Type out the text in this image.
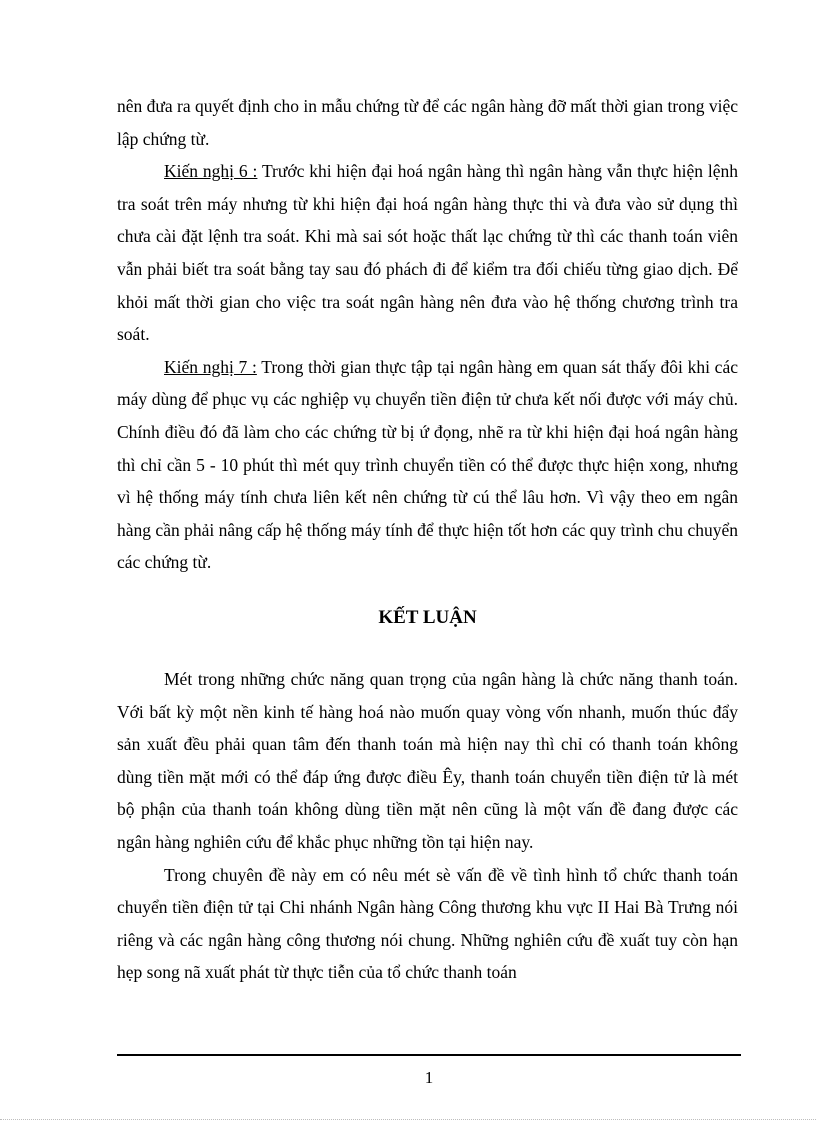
nên đưa ra quyết định cho in mẫu chứng từ để các ngân hàng đỡ mất thời gian trong việc lập chứng từ.

Kiến nghị 6 : Trước khi hiện đại hoá ngân hàng thì ngân hàng vẫn thực hiện lệnh tra soát trên máy nhưng từ khi hiện đại hoá ngân hàng thực thi và đưa vào sử dụng thì chưa cài đặt lệnh tra soát. Khi mà sai sót hoặc thất lạc chứng từ thì các thanh toán viên vẫn phải biết tra soát bằng tay sau đó phách đi để kiểm tra đối chiếu từng giao dịch. Để khỏi mất thời gian cho việc tra soát ngân hàng nên đưa vào hệ thống chương trình tra soát.

Kiến nghị 7 : Trong thời gian thực tập tại ngân hàng em quan sát thấy đôi khi các máy dùng để phục vụ các nghiệp vụ chuyển tiền điện tử chưa kết nối được với máy chủ. Chính điều đó đã làm cho các chứng từ bị ứ đọng, nhẽ ra từ khi hiện đại hoá ngân hàng thì chỉ cần 5 - 10 phút thì mét quy trình chuyển tiền có thể được thực hiện xong, nhưng vì hệ thống máy tính chưa liên kết nên chứng từ cú thể lâu hơn. Vì vậy theo em ngân hàng cần phải nâng cấp hệ thống máy tính để thực hiện tốt hơn các quy trình chu chuyển các chứng từ.

KẾT LUẬN

Mét trong những chức năng quan trọng của ngân hàng là chức năng thanh toán. Với bất kỳ một nền kinh tế hàng hoá nào muốn quay vòng vốn nhanh, muốn thúc đẩy sản xuất đều phải quan tâm đến thanh toán mà hiện nay thì chỉ có thanh toán không dùng tiền mặt mới có thể đáp ứng được điều Êy, thanh toán chuyển tiền điện tử là mét bộ phận của thanh toán không dùng tiền mặt nên cũng là một vấn đề đang được các ngân hàng nghiên cứu để khắc phục những tồn tại hiện nay.

Trong chuyên đề này em có nêu mét sè vấn đề về tình hình tổ chức thanh toán chuyển tiền điện tử tại Chi nhánh Ngân hàng Công thương khu vực II Hai Bà Trưng nói riêng và các ngân hàng công thương nói chung. Những nghiên cứu đề xuất tuy còn hạn hẹp song nã xuất phát từ thực tiễn của tổ chức thanh toán

1
